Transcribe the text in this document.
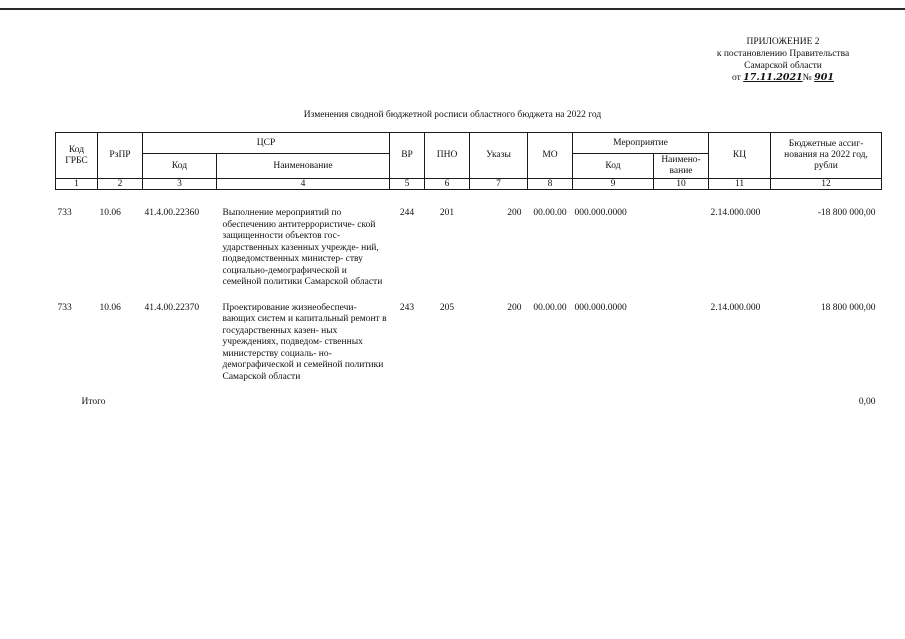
ПРИЛОЖЕНИЕ 2
к постановлению Правительства
Самарской области
от 17.11.2021№ 901
Изменения сводной бюджетной росписи областного бюджета на 2022 год
Код ГРБС	РзПР	ЦСР		ВР	ПНО	Указы	МО	Мероприятие		КЦ	Бюджетные ассиг- нования на 2022 год, рубли
		Код	Наименование					Код	Наимено- вание		
1	2	3	4	5	6	7	8	9	10	11	12

733	10.06	41.4.00.22360	Выполнение мероприятий по обеспечению антитеррористиче- ской защищенности объектов гос- ударственных казенных учрежде- ний, подведомственных министер- ству социально-демографической и семейной политики Самарской области	244	201	200	00.00.00	000.000.0000		2.14.000.000	-18 800 000,00
733	10.06	41.4.00.22370	Проектирование жизнеобеспечи- вающих систем и капитальный ремонт в государственных казен- ных учреждениях, подведом- ственных министерству социаль- но-демографической и семейной политики Самарской области	243	205	200	00.00.00	000.000.0000		2.14.000.000	18 800 000,00
Итого											0,00
